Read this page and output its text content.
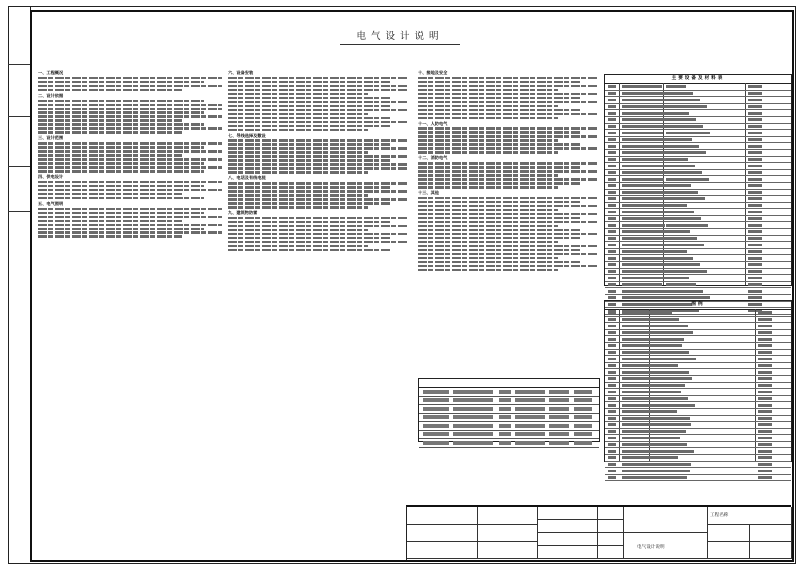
电气设计说明
一、工程概况
二、设计依据
三、设计范围
四、供电设计
五、电气照明
六、设备安装
七、导线选择及敷设
八、电话及有线电视
九、建筑物防雷
十、接地及安全
十一、人防电气
十二、消防电气
十三、其他
主要设备及材料表
图例
电气设计说明
工程名称
